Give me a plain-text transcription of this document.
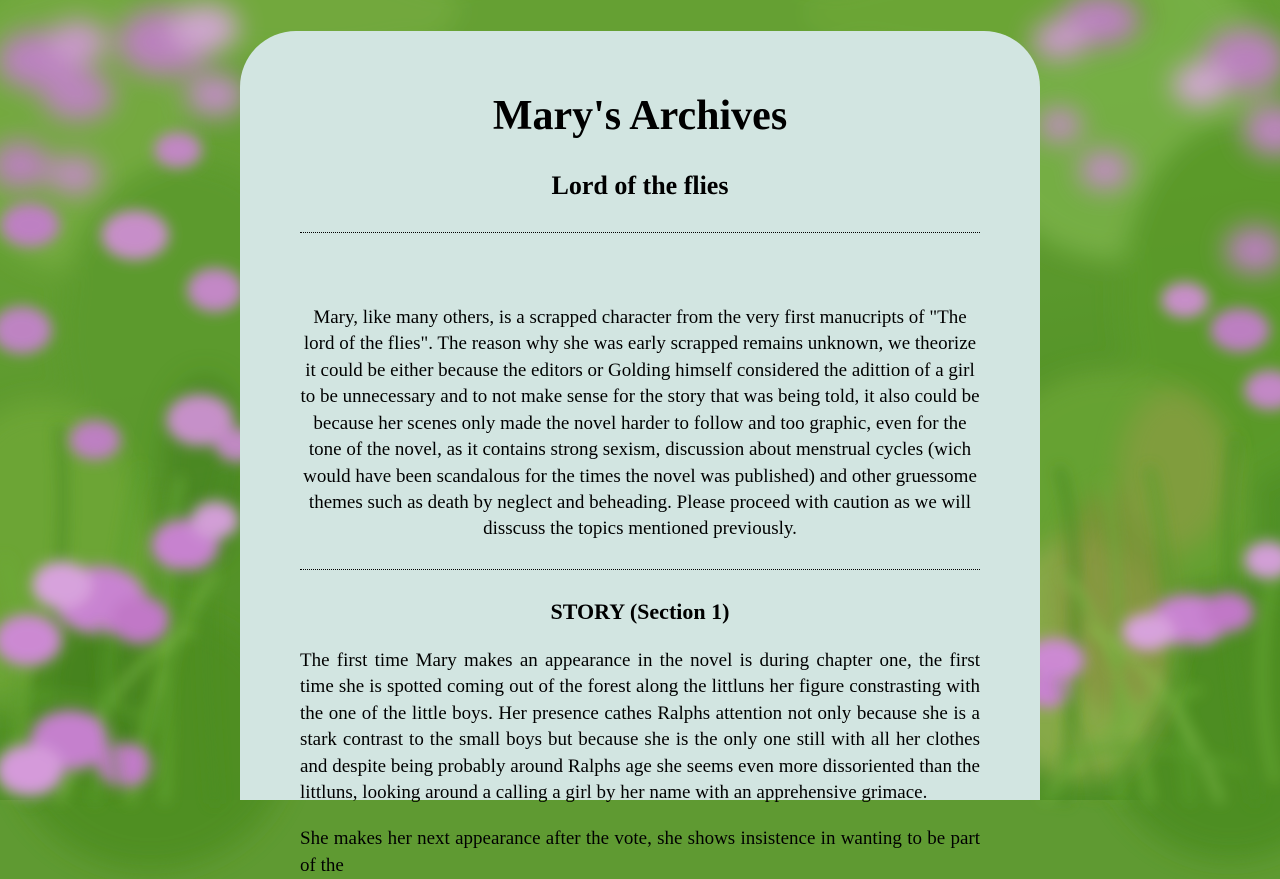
Mary's Archives
Lord of the flies

Mary, like many others, is a scrapped character from the very first manucripts of "The lord of the flies". The reason why she was early scrapped remains unknown, we theorize it could be either because the editors or Golding himself considered the adittion of a girl to be unnecessary and to not make sense for the story that was being told, it also could be because her scenes only made the novel harder to follow and too graphic, even for the tone of the novel, as it contains strong sexism, discussion about menstrual cycles (wich would have been scandalous for the times the novel was published) and other gruessome themes such as death by neglect and beheading. Please proceed with caution as we will disscuss the topics mentioned previously.

STORY (Section 1)

The first time Mary makes an appearance in the novel is during chapter one, the first time she is spotted coming out of the forest along the littluns her figure constrasting with the one of the little boys. Her presence cathes Ralphs attention not only because she is a stark contrast to the small boys but because she is the only one still with all her clothes and despite being probably around Ralphs age she seems even more dissoriented than the littluns, looking around a calling a girl by her name with an apprehensive grimace.

She makes her next appearance after the vote, she shows insistence in wanting to be part of the
